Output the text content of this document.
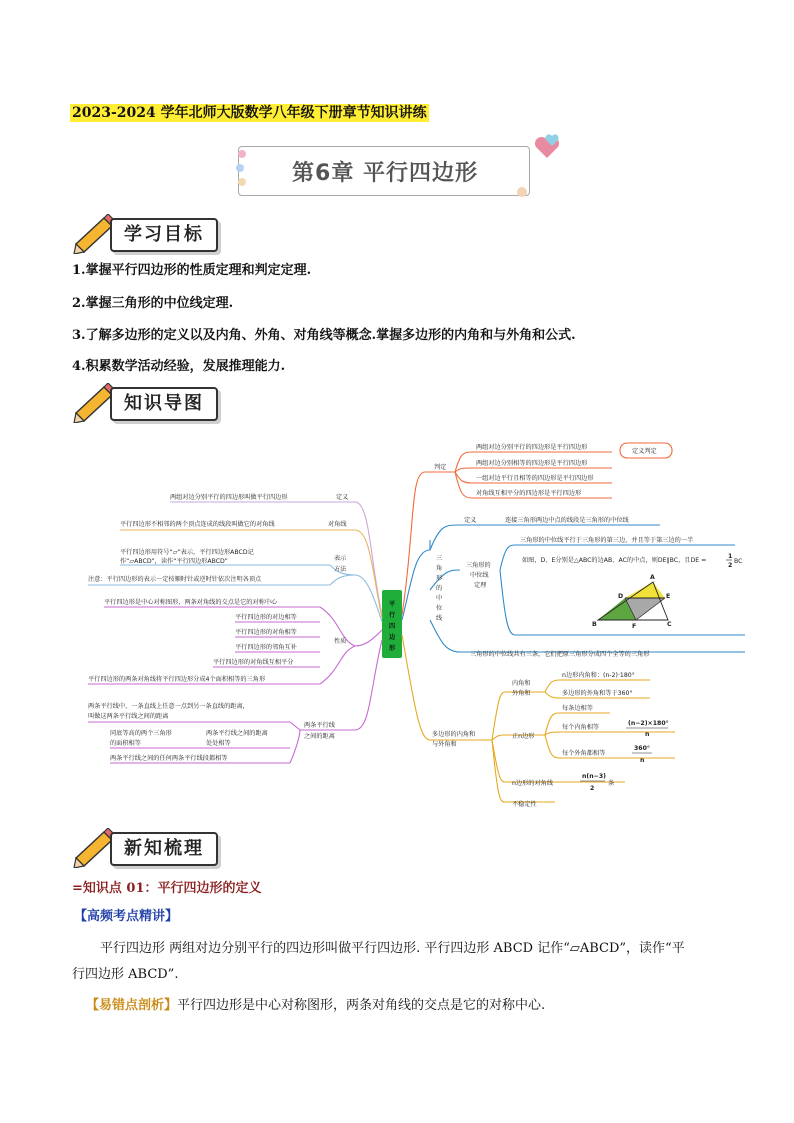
2023-2024 学年北师大版数学八年级下册章节知识讲练
第6章 平行四边形
学习目标
1.掌握平行四边形的性质定理和判定定理.
2.掌握三角形的中位线定理.
3.了解多边形的定义以及内角、外角、对角线等概念.掌握多边形的内角和与外角和公式.
4.积累数学活动经验，发展推理能力.
知识导图
平行四边形
两组对边分别平行的四边形叫做平行四边形	定义
平行四边形不相邻的两个顶点连成的线段叫做它的对角线	对角线
平行四边形用符号“▱”表示，平行四边形ABCD记
作“▱ABCD”，读作“平行四边形ABCD”
注意：平行四边形的表示一定按顺时针或逆时针依次注明各顶点
表示
方法
平行四边形是中心对称图形，两条对角线的交点是它的对称中心
平行四边形的对边相等
平行四边形的对角相等
平行四边形的邻角互补
平行四边形的对角线互相平分
平行四边形的两条对角线将平行四边形分成4个面积相等的三角形
性质
两条平行线中，一条直线上任意一点到另一条直线的距离，
叫做这两条平行线之间的距离
同底等高的两个三角形
的面积相等
两条平行线之间的距离
处处相等
两条平行线之间的任何两条平行线段都相等
两条平行线
之间的距离
判定
两组对边分别平行的四边形是平行四边形
两组对边分别相等的四边形是平行四边形
一组对边平行且相等的四边形是平行四边形
对角线互相平分的四边形是平行四边形
定义判定
定义	连接三角形两边中点的线段是三角形的中位线
三角形的
中位线
定理
三角形的中位线平行于三角形的第三边，并且等于第三边的一半
如图，D、E分别是△ABC的边AB、AC的中点，则DE∥BC，且DE =
1
2
BC
A
D	E
B	F	C
三角形的中位线共有三条，它们把原三角形分成四个全等的三角形
三角形的中位线
多边形的内角和
与外角和
内角和
外角和
n边形内角和：(n-2)·180°
多边形的外角和等于360°
正n边形
每条边相等
每个内角相等
(n−2)×180°
n
每个外角都相等
360°
n
n边形的对角线
n(n−3)
2
条
不稳定性
新知梳理
=知识点 01：平行四边形的定义
【高频考点精讲】
平行四边形 两组对边分别平行的四边形叫做平行四边形. 平行四边形 ABCD 记作“▱ABCD”，读作“平
行四边形 ABCD”.
【易错点剖析】平行四边形是中心对称图形，两条对角线的交点是它的对称中心.
